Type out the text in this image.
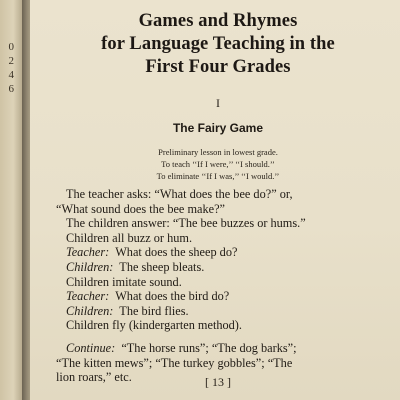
0
2
4
6
Games and Rhymes
for Language Teaching in the
First Four Grades
I
The Fairy Game
Preliminary lesson in lowest grade.
To teach ‘‘If I were,’’ ‘‘I should.’’
To eliminate ‘‘If I was,’’ ‘‘I would.’’
The teacher asks: “What does the bee do?” or,
“What sound does the bee make?”
The children answer: “The bee buzzes or hums.”
Children all buzz or hum.
Teacher:  What does the sheep do?
Children:  The sheep bleats.
Children imitate sound.
Teacher:  What does the bird do?
Children:  The bird flies.
Children fly (kindergarten method).
Continue:  “The horse runs”; “The dog barks”;
“The kitten mews”; “The turkey gobbles”; “The
lion roars,” etc.	[ 13 ]
